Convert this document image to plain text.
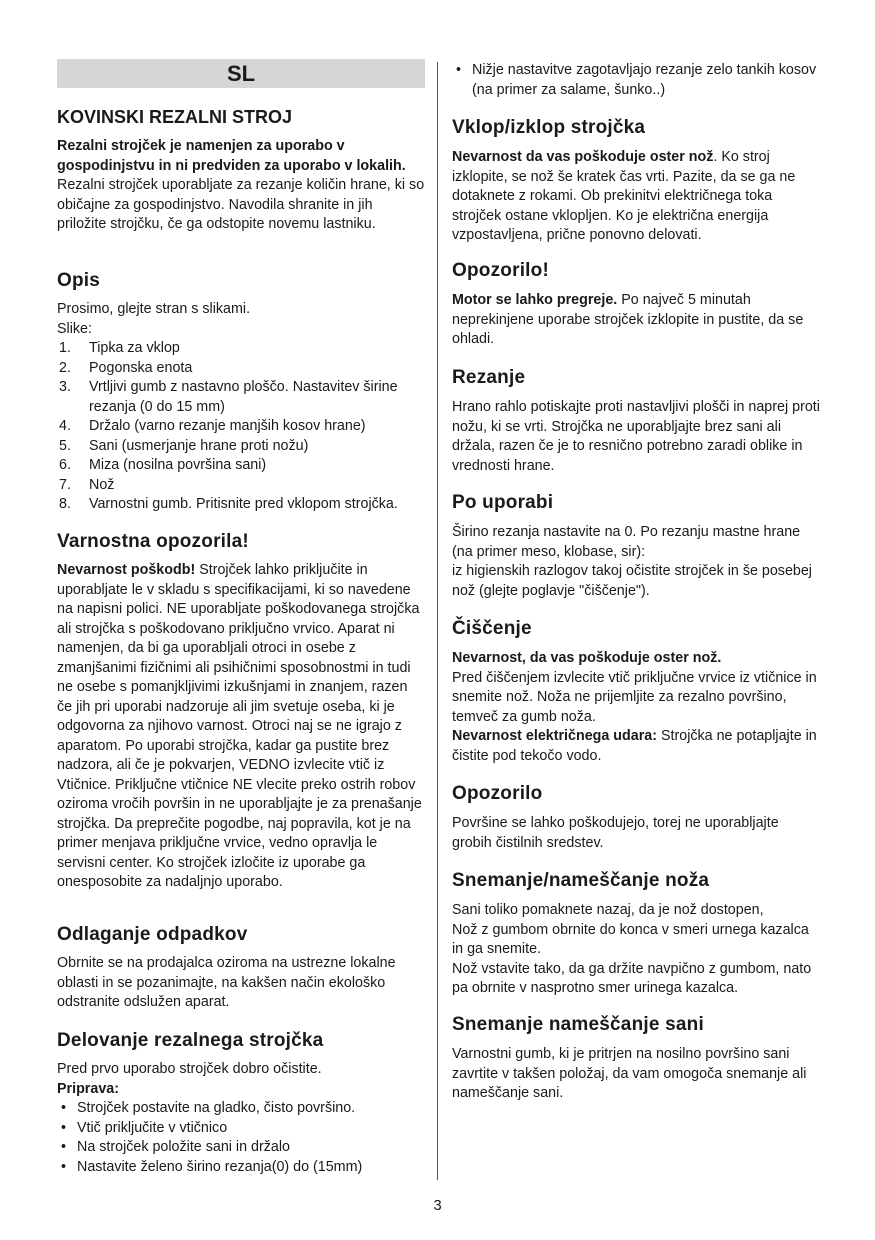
SL
KOVINSKI REZALNI STROJ

Rezalni strojček je namenjen za uporabo v gospodinjstvu in ni predviden za uporabo v lokalih. Rezalni strojček uporabljate za rezanje količin hrane, ki so običajne za gospodinjstvo. Navodila shranite in jih priložite strojčku, če ga odstopite novemu lastniku.

Opis

Prosimo, glejte stran s slikami.

Slike:

1. Tipka za vklop
2. Pogonska enota
3. Vrtljivi gumb z nastavno ploščo. Nastavitev širine rezanja (0 do 15 mm)
4. Držalo (varno rezanje manjših kosov hrane)
5. Sani (usmerjanje hrane proti nožu)
6. Miza (nosilna površina sani)
7. Nož
8. Varnostni gumb. Pritisnite pred vklopom strojčka.
Varnostna opozorila!

Nevarnost poškodb! Strojček lahko priključite in uporabljate le v skladu s specifikacijami, ki so navedene na napisni polici. NE uporabljate poškodovanega strojčka ali strojčka s poškodovano priključno vrvico. Aparat ni namenjen, da bi ga uporabljali otroci in osebe z zmanjšanimi fizičnimi ali psihičnimi sposobnostmi in tudi ne osebe s pomanjkljivimi izkušnjami in znanjem, razen če jih pri uporabi nadzoruje ali jim svetuje oseba, ki je odgovorna za njihovo varnost. Otroci naj se ne igrajo z aparatom. Po uporabi strojčka, kadar ga pustite brez nadzora, ali če je pokvarjen, VEDNO izvlecite vtič iz Vtičnice. Priključne vtičnice NE vlecite preko ostrih robov oziroma vročih površin in ne uporabljajte je za prenašanje strojčka. Da preprečite pogodbe, naj popravila, kot je na primer menjava priključne vrvice, vedno opravlja le servisni center. Ko strojček izločite iz uporabe ga onesposobite za nadaljnjo uporabo.

Odlaganje odpadkov

Obrnite se na prodajalca oziroma na ustrezne lokalne oblasti in se pozanimajte, na kakšen način ekološko odstranite odslužen aparat.

Delovanje rezalnega strojčka

Pred prvo uporabo strojček dobro očistite.

Priprava:

• Strojček postavite na gladko, čisto površino.
• Vtič priključite v vtičnico
• Na strojček položite sani in držalo
• Nastavite želeno širino rezanja(0) do (15mm)
• Nižje nastavitve zagotavljajo rezanje zelo tankih kosov (na primer za salame, šunko..)
Vklop/izklop strojčka

Nevarnost da vas poškoduje oster nož. Ko stroj izklopite, se nož še kratek čas vrti. Pazite, da se ga ne dotaknete z rokami. Ob prekinitvi električnega toka strojček ostane vklopljen. Ko je električna energija vzpostavljena, prične ponovno delovati.

Opozorilo!

Motor se lahko pregreje. Po največ 5 minutah neprekinjene uporabe strojček izklopite in pustite, da se ohladi.

Rezanje

Hrano rahlo potiskajte proti nastavljivi plošči in naprej proti nožu, ki se vrti. Strojčka ne uporabljajte brez sani ali držala, razen če je to resnično potrebno zaradi oblike in vrednosti hrane.

Po uporabi

Širino rezanja nastavite na 0. Po rezanju mastne hrane (na primer meso, klobase, sir):

iz higienskih razlogov takoj očistite strojček in še posebej nož (glejte poglavje "čiščenje").

Čiščenje

Nevarnost, da vas poškoduje oster nož.

Pred čiščenjem izvlecite vtič priključne vrvice iz vtičnice in snemite nož. Noža ne prijemljite za rezalno površino, temveč za gumb noža.

Nevarnost električnega udara: Strojčka ne potapljajte in čistite pod tekočo vodo.

Opozorilo

Površine se lahko poškodujejo, torej ne uporabljajte grobih čistilnih sredstev.

Snemanje/nameščanje noža

Sani toliko pomaknete nazaj, da je nož dostopen,

Nož z gumbom obrnite do konca v smeri urnega kazalca in ga snemite.

Nož vstavite tako, da ga držite navpično z gumbom, nato pa obrnite v nasprotno smer urinega kazalca.

Snemanje nameščanje sani

Varnostni gumb, ki je pritrjen na nosilno površino sani zavrtite v takšen položaj, da vam omogoča snemanje ali nameščanje sani.

3
